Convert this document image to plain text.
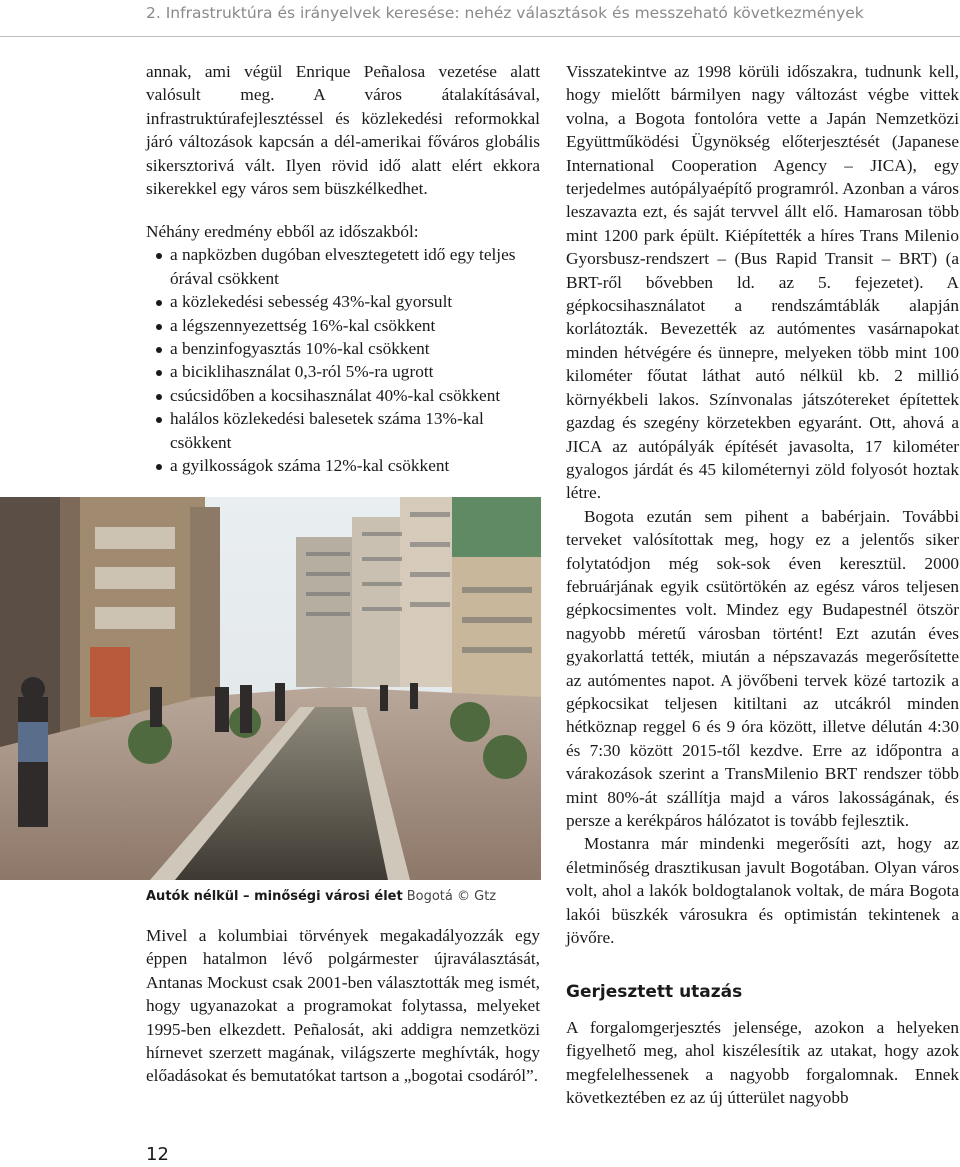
2. Infrastruktúra és irányelvek keresése: nehéz választások és messzeható következmények

annak, ami végül Enrique Peñalosa vezetése alatt valósult meg. A város átalakításával, infrastruktúrafejlesztéssel és közlekedési reformokkal járó változások kapcsán a dél-amerikai főváros globális sikersztorivá vált. Ilyen rövid idő alatt elért ekkora sikerekkel egy város sem büszkélkedhet.

Néhány eredmény ebből az időszakból:

a napközben dugóban elvesztegetett idő egy teljes órával csökkent
a közlekedési sebesség 43%-kal gyorsult
a légszennyezettség 16%-kal csökkent
a benzinfogyasztás 10%-kal csökkent
a biciklihasználat 0,3-ról 5%-ra ugrott
csúcsidőben a kocsihasználat 40%-kal csökkent
halálos közlekedési balesetek száma 13%-kal csökkent
a gyilkosságok száma 12%-kal csökkent
Autók nélkül – minőségi városi élet Bogotá © Gtz

Mivel a kolumbiai törvények megakadályozzák egy éppen hatalmon lévő polgármester újraválasztását, Antanas Mockust csak 2001-ben választották meg ismét, hogy ugyanazokat a programokat folytassa, melyeket 1995-ben elkezdett. Peñalosát, aki addigra nemzetközi hírnevet szerzett magának, világszerte meghívták, hogy előadásokat és bemutatókat tartson a „bogotai csodáról”.

Visszatekintve az 1998 körüli időszakra, tudnunk kell, hogy mielőtt bármilyen nagy változást végbe vittek volna, a Bogota fontolóra vette a Japán Nemzetközi Együttműködési Ügynökség előterjesztését (Japanese International Cooperation Agency – JICA), egy terjedelmes autópályaépítő programról. Azonban a város leszavazta ezt, és saját tervvel állt elő. Hamarosan több mint 1200 park épült. Kiépítették a híres Trans Milenio Gyorsbusz-rendszert – (Bus Rapid Transit – BRT) (a BRT-ről bővebben ld. az 5. fejezetet). A gépkocsihasználatot a rendszámtáblák alapján korlátozták. Bevezették az autómentes vasárnapokat minden hétvégére és ünnepre, melyeken több mint 100 kilométer főutat láthat autó nélkül kb. 2 millió környékbeli lakos. Színvonalas játszótereket építettek gazdag és szegény körzetekben egyaránt. Ott, ahová a JICA az autópályák építését javasolta, 17 kilométer gyalogos járdát és 45 kilométernyi zöld folyosót hoztak létre.

Bogota ezután sem pihent a babérjain. További terveket valósítottak meg, hogy ez a jelentős siker folytatódjon még sok-sok éven keresztül. 2000 februárjának egyik csütörtökén az egész város teljesen gépkocsimentes volt. Mindez egy Budapestnél ötször nagyobb méretű városban történt! Ezt azután éves gyakorlattá tették, miután a népszavazás megerősítette az autómentes napot. A jövőbeni tervek közé tartozik a gépkocsikat teljesen kitiltani az utcákról minden hétköznap reggel 6 és 9 óra között, illetve délután 4:30 és 7:30 között 2015-től kezdve. Erre az időpontra a várakozások szerint a TransMilenio BRT rendszer több mint 80%-át szállítja majd a város lakosságának, és persze a kerékpáros hálózatot is tovább fejlesztik.

Mostanra már mindenki megerősíti azt, hogy az életminőség drasztikusan javult Bogotában. Olyan város volt, ahol a lakók boldogtalanok voltak, de mára Bogota lakói büszkék városukra és optimistán tekintenek a jövőre.

Gerjesztett utazás

A forgalomgerjesztés jelensége, azokon a helyeken figyelhető meg, ahol kiszélesítik az utakat, hogy azok megfelelhessenek a nagyobb forgalomnak. Ennek következtében ez az új útterület nagyobb

12
